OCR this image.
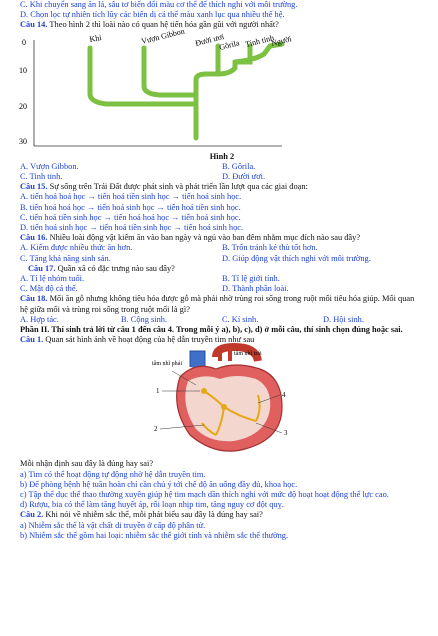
C. Khi chuyển sang ăn lá, sâu tơ biến đổi màu cơ thể để thích nghi với môi trường.
D. Chọn lọc tự nhiên tích lũy các biến dị cá thể màu xanh lục qua nhiều thế hệ.
Câu 14. Theo hình 2 thì loài nào có quan hệ tiến hóa gần gũi với người nhất?
0
10
20
30
Khỉ	Vượn Gibbon Đười ươi
Gôrila Tinh tinh
Người
Hình 2
A. Vượn Gibbon.	B. Gôrila.
C. Tinh tinh.	D. Đười ươi.
Câu 15. Sự sống trên Trái Đất được phát sinh và phát triển lần lượt qua các giai đoạn:
A. tiến hoá hoá học → tiến hoá tiền sinh học → tiến hoá sinh học.
B. tiến hoá hoá học → tiến hoá sinh học → tiến hoá tiền sinh học.
C. tiến hoá tiền sinh học → tiến hoá hoá học → tiến hoá sinh học.
D. tiến hoá sinh học → tiến hoá tiền sinh học → tiến hoá sinh học.
Câu 16. Nhiều loài động vật kiếm ăn vào ban ngày và ngủ vào ban đêm nhằm mục đích nào sau đây?
A. Kiếm được nhiều thức ăn hơn.	B. Trốn tránh kẻ thù tốt hơn.
C. Tăng khả năng sinh sản.	D. Giúp động vật thích nghi với môi trường.
Câu 17. Quần xã có đặc trưng nào sau đây?
A. Tỉ lệ nhóm tuổi.	B. Tỉ lệ giới tính.
C. Mật độ cá thể.	D. Thành phần loài.
Câu 18. Mối ăn gỗ nhưng không tiêu hóa được gỗ mà phải nhờ trùng roi sống trong ruột mối tiêu hóa giúp. Mối quan hệ giữa mối và trùng roi sống trong ruột mối là gì?
A. Hợp tác.	B. Cộng sinh.	C. Kí sinh.	D. Hội sinh.
Phần II. Thí sinh trả lời từ câu 1 đến câu 4. Trong mỗi ý a), b), c), d) ở mỗi câu, thí sinh chọn đúng hoặc sai.
Câu 1. Quan sát hình ảnh về hoạt động của hệ dẫn truyền tim như sau
tâm nhĩ trái
tâm nhĩ phải
1	4
2	3
Mỗi nhận định sau đây là đúng hay sai?
a) Tim có thể hoạt động tự động nhờ hệ dẫn truyền tim.
b) Để phòng bệnh hệ tuần hoàn chỉ cần chú ý tới chế độ ăn uống đầy đủ, khoa học.
c) Tập thể dục thể thao thường xuyên giúp hệ tim mạch dần thích nghi với mức độ hoạt hoạt động thể lực cao.
d) Rượu, bia có thể làm tăng huyết áp, rối loạn nhịp tim, tăng nguy cơ đột quỵ.
Câu 2. Khi nói về nhiễm sắc thể, mỗi phát biểu sau đây là đúng hay sai?
a) Nhiễm sắc thể là vật chất di truyền ở cấp độ phân tử.
b) Nhiễm sắc thể gồm hai loại: nhiễm sắc thể giới tính và nhiễm sắc thể thường.
